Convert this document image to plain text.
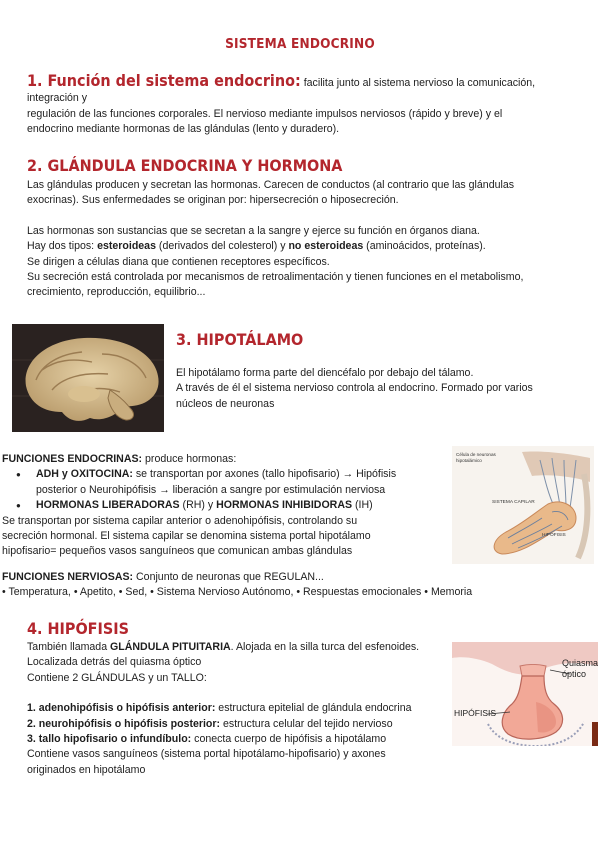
SISTEMA ENDOCRINO
1. Función del sistema endocrino: facilita junto al sistema nervioso la comunicación, integración y
regulación de las funciones corporales. El nervioso mediante impulsos nerviosos (rápido y breve) y el
endocrino mediante hormonas de las glándulas (lento y duradero).
2. GLÁNDULA ENDOCRINA Y HORMONA
Las glándulas producen y secretan las hormonas. Carecen de conductos (al contrario que las glándulas
exocrinas). Sus enfermedades se originan por: hipersecreción o hiposecreción.
Las hormonas son sustancias que se secretan a la sangre y ejerce su función en órganos diana.
Hay dos tipos: esteroideas (derivados del colesterol) y no esteroideas (aminoácidos, proteínas).
Se dirigen a células diana que contienen receptores específicos.
Su secreción está controlada por mecanismos de retroalimentación y tienen funciones en el metabolismo,
crecimiento, reproducción, equilibrio...
3. HIPOTÁLAMO
El hipotálamo forma parte del diencéfalo por debajo del tálamo.
A través de él el sistema nervioso controla al endocrino. Formado por varios
núcleos de neuronas
FUNCIONES ENDOCRINAS: produce hormonas:
● ADH y OXITOCINA: se transportan por axones (tallo hipofisario) → Hipófisis
posterior o Neurohipófisis → liberación a sangre por estimulación nerviosa
● HORMONAS LIBERADORAS (RH) y HORMONAS INHIBIDORAS (IH)
Se transportan por sistema capilar anterior o adenohipófisis, controlando su
secreción hormonal. El sistema capilar se denomina sistema portal hipotálamo
hipofisario= pequeños vasos sanguíneos que comunican ambas glándulas
Célula de neuronas
hipotalámico
SISTEMA CAPILAR
HIPÓFISIS
FUNCIONES NERVIOSAS: Conjunto de neuronas que REGULAN...
• Temperatura, • Apetito, • Sed, • Sistema Nervioso Autónomo, • Respuestas emocionales • Memoria
4. HIPÓFISIS
También llamada GLÁNDULA PITUITARIA. Alojada en la silla turca del esfenoides.
Localizada detrás del quiasma óptico
Contiene 2 GLÁNDULAS y un TALLO:
1. adenohipófisis o hipófisis anterior: estructura epitelial de glándula endocrina
2. neurohipófisis o hipófisis posterior: estructura celular del tejido nervioso
3. tallo hipofisario o infundíbulo: conecta cuerpo de hipófisis a hipotálamo
Contiene vasos sanguíneos (sistema portal hipotálamo-hipofisario) y axones
originados en hipotálamo
Quiasma
óptico
HIPÓFISIS
